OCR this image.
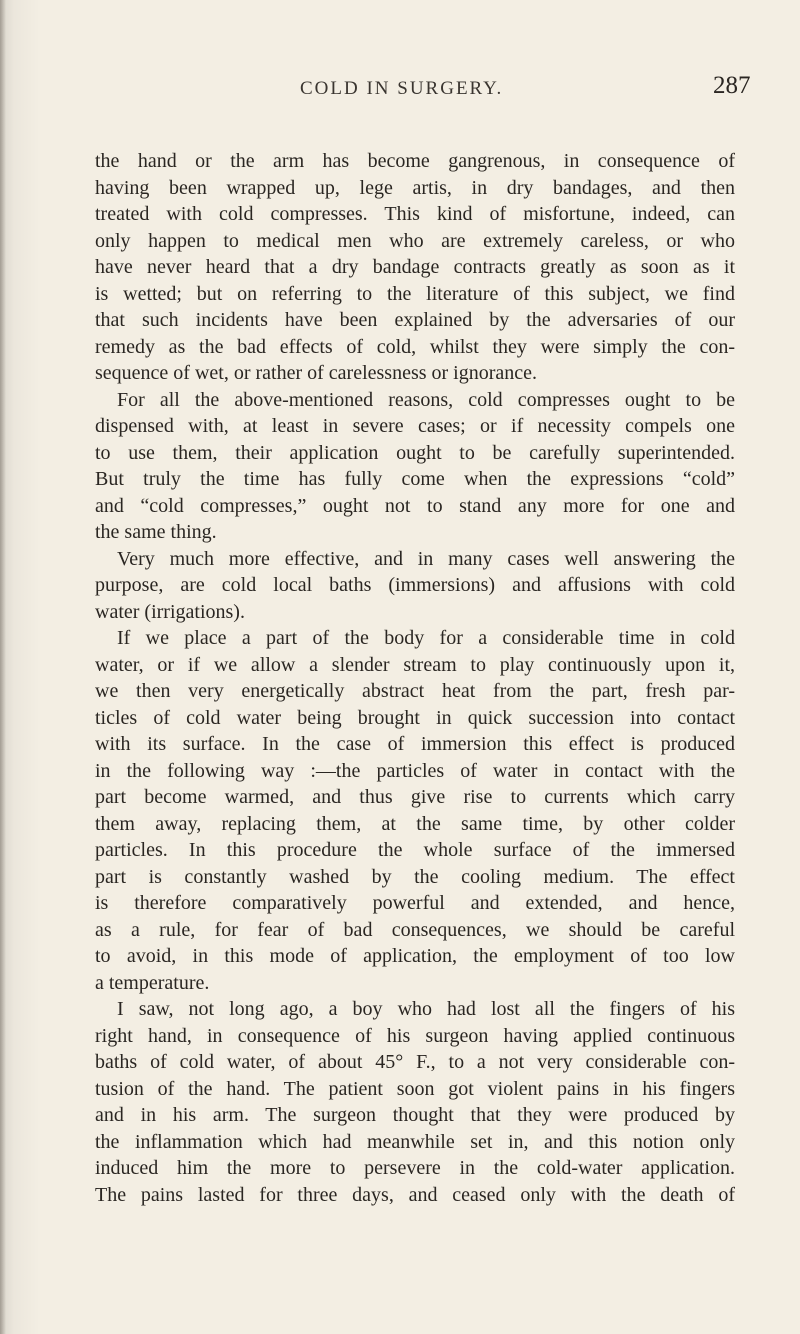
COLD IN SURGERY.	287
the hand or the arm has become gangrenous, in consequence of
having been wrapped up, lege artis, in dry bandages, and then
treated with cold compresses. This kind of misfortune, indeed, can
only happen to medical men who are extremely careless, or who
have never heard that a dry bandage contracts greatly as soon as it
is wetted; but on referring to the literature of this subject, we find
that such incidents have been explained by the adversaries of our
remedy as the bad effects of cold, whilst they were simply the con-
sequence of wet, or rather of carelessness or ignorance.
For all the above-mentioned reasons, cold compresses ought to be
dispensed with, at least in severe cases; or if necessity compels one
to use them, their application ought to be carefully superintended.
But truly the time has fully come when the expressions “cold”
and “cold compresses,” ought not to stand any more for one and
the same thing.
Very much more effective, and in many cases well answering the
purpose, are cold local baths (immersions) and affusions with cold
water (irrigations).
If we place a part of the body for a considerable time in cold
water, or if we allow a slender stream to play continuously upon it,
we then very energetically abstract heat from the part, fresh par-
ticles of cold water being brought in quick succession into contact
with its surface. In the case of immersion this effect is produced
in the following way :—the particles of water in contact with the
part become warmed, and thus give rise to currents which carry
them away, replacing them, at the same time, by other colder
particles. In this procedure the whole surface of the immersed
part is constantly washed by the cooling medium. The effect
is therefore comparatively powerful and extended, and hence,
as a rule, for fear of bad consequences, we should be careful
to avoid, in this mode of application, the employment of too low
a temperature.
I saw, not long ago, a boy who had lost all the fingers of his
right hand, in consequence of his surgeon having applied continuous
baths of cold water, of about 45° F., to a not very considerable con-
tusion of the hand. The patient soon got violent pains in his fingers
and in his arm. The surgeon thought that they were produced by
the inflammation which had meanwhile set in, and this notion only
induced him the more to persevere in the cold-water application.
The pains lasted for three days, and ceased only with the death of
